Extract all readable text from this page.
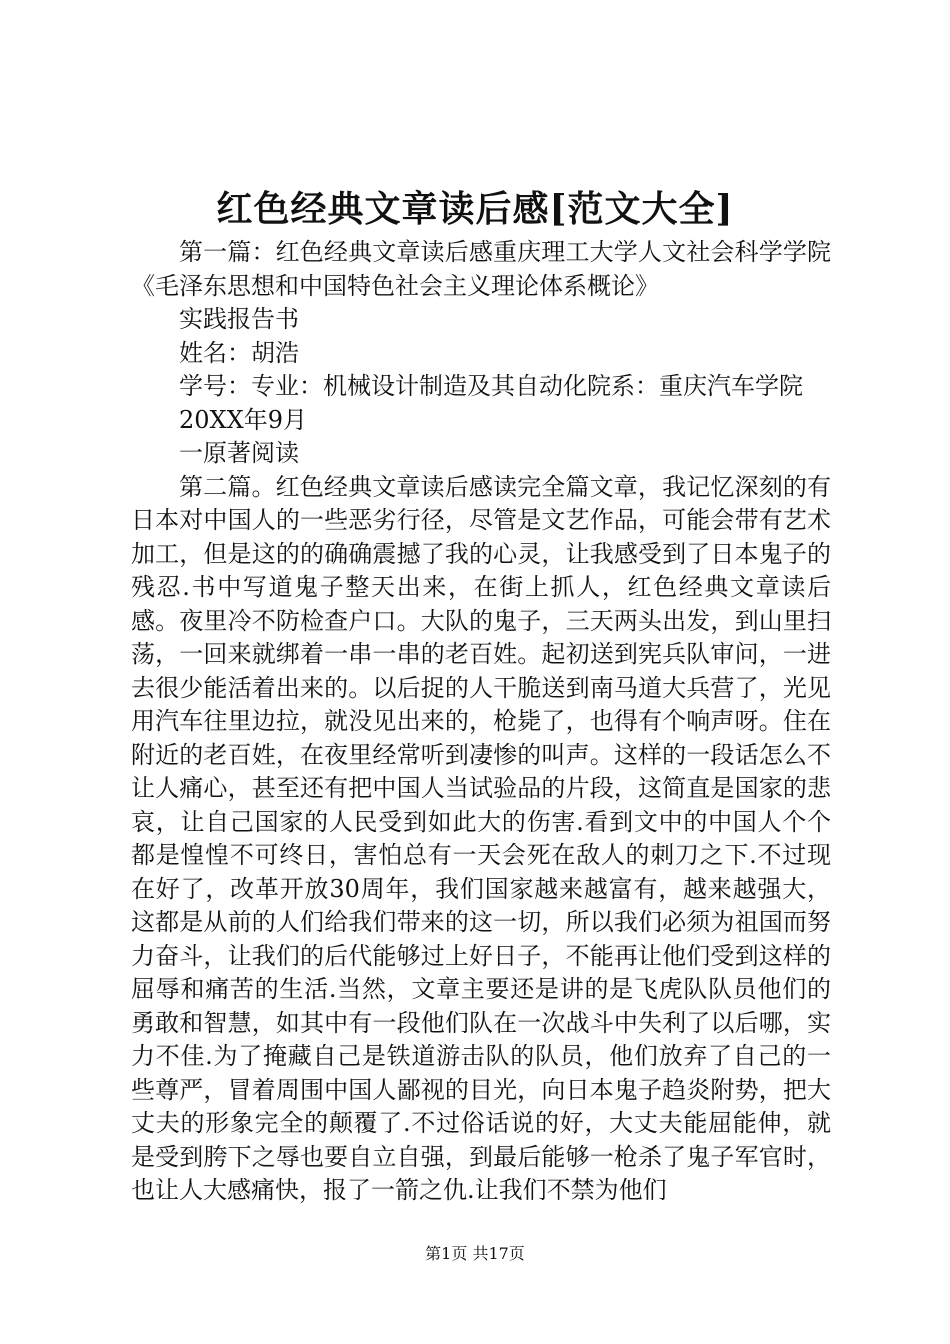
红色经典文章读后感[范文大全]

第一篇：红色经典文章读后感重庆理工大学人文社会科学学院《毛泽东思想和中国特色社会主义理论体系概论》

实践报告书

姓名：胡浩

学号：专业：机械设计制造及其自动化院系：重庆汽车学院

20XX年9月

一原著阅读

第二篇。红色经典文章读后感读完全篇文章，我记忆深刻的有日本对中国人的一些恶劣行径，尽管是文艺作品，可能会带有艺术加工，但是这的的确确震撼了我的心灵，让我感受到了日本鬼子的残忍.书中写道鬼子整天出来，在街上抓人，红色经典文章读后感。夜里冷不防检查户口。大队的鬼子，三天两头出发，到山里扫荡，一回来就绑着一串一串的老百姓。起初送到宪兵队审问，一进去很少能活着出来的。以后捉的人干脆送到南马道大兵营了，光见用汽车往里边拉，就没见出来的，枪毙了，也得有个响声呀。住在附近的老百姓，在夜里经常听到凄惨的叫声。这样的一段话怎么不让人痛心，甚至还有把中国人当试验品的片段，这简直是国家的悲哀，让自己国家的人民受到如此大的伤害.看到文中的中国人个个都是惶惶不可终日，害怕总有一天会死在敌人的刺刀之下.不过现在好了，改革开放30周年，我们国家越来越富有，越来越强大，这都是从前的人们给我们带来的这一切，所以我们必须为祖国而努力奋斗，让我们的后代能够过上好日子，不能再让他们受到这样的屈辱和痛苦的生活.当然，文章主要还是讲的是飞虎队队员他们的勇敢和智慧，如其中有一段他们队在一次战斗中失利了以后哪，实力不佳.为了掩藏自己是铁道游击队的队员，他们放弃了自己的一些尊严，冒着周围中国人鄙视的目光，向日本鬼子趋炎附势，把大丈夫的形象完全的颠覆了.不过俗话说的好，大丈夫能屈能伸，就是受到胯下之辱也要自立自强，到最后能够一枪杀了鬼子军官时，也让人大感痛快，报了一箭之仇.让我们不禁为他们

第1页 共17页
